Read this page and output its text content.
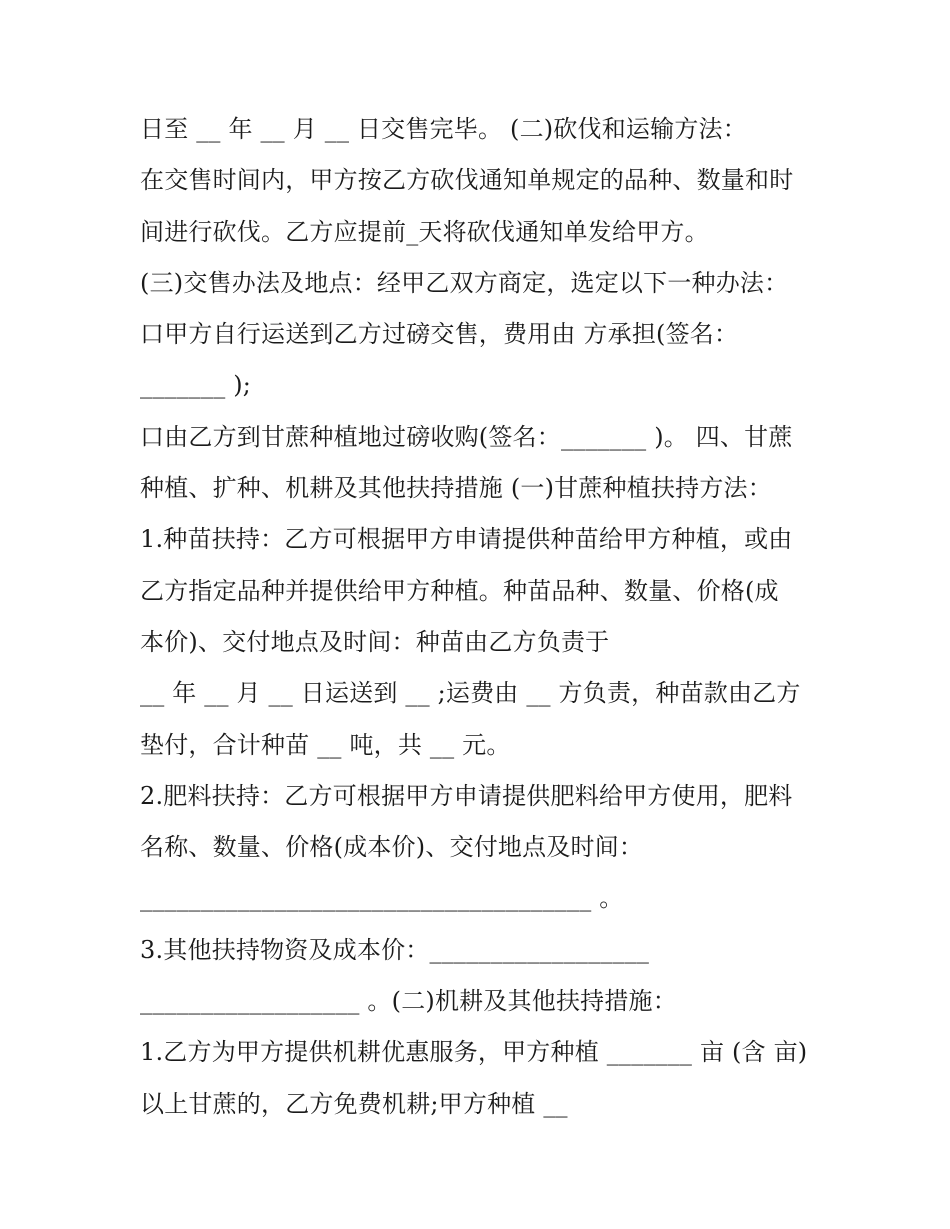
日至 __ 年 __ 月 __ 日交售完毕。 (二)砍伐和运输方法：
在交售时间内，甲方按乙方砍伐通知单规定的品种、数量和时
间进行砍伐。乙方应提前_天将砍伐通知单发给甲方。
(三)交售办法及地点：经甲乙双方商定，选定以下一种办法：
口甲方自行运送到乙方过磅交售，费用由 方承担(签名：
_______ );
口由乙方到甘蔗种植地过磅收购(签名：_______ )。 四、甘蔗
种植、扩种、机耕及其他扶持措施 (一)甘蔗种植扶持方法：
1.种苗扶持：乙方可根据甲方申请提供种苗给甲方种植，或由
乙方指定品种并提供给甲方种植。种苗品种、数量、价格(成
本价)、交付地点及时间：种苗由乙方负责于
__ 年 __ 月 __ 日运送到 __ ;运费由 __ 方负责，种苗款由乙方
垫付，合计种苗 __ 吨，共 __ 元。
2.肥料扶持：乙方可根据甲方申请提供肥料给甲方使用，肥料
名称、数量、价格(成本价)、交付地点及时间：
_____________________________________ 。
3.其他扶持物资及成本价：__________________
__________________ 。(二)机耕及其他扶持措施：
1.乙方为甲方提供机耕优惠服务，甲方种植 _______ 亩 (含 亩)
以上甘蔗的，乙方免费机耕;甲方种植 __
